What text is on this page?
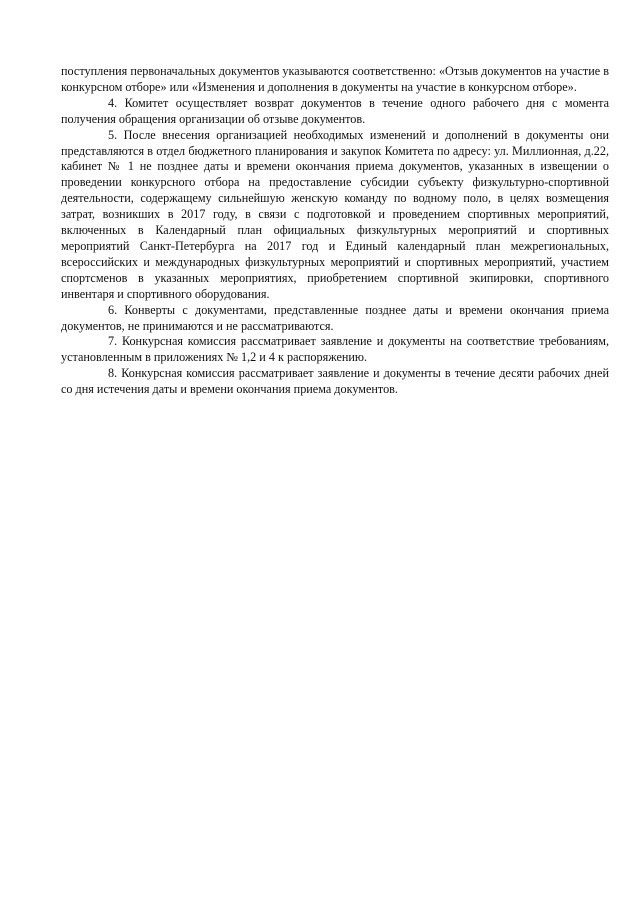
поступления первоначальных документов указываются соответственно: «Отзыв документов на участие в конкурсном отборе» или «Изменения и дополнения в документы на участие в конкурсном отборе».

4. Комитет осуществляет возврат документов в течение одного рабочего дня с момента получения обращения организации об отзыве документов.

5. После внесения организацией необходимых изменений и дополнений в документы они представляются в отдел бюджетного планирования и закупок Комитета по адресу: ул. Миллионная, д.22, кабинет № 1 не позднее даты и времени окончания приема документов, указанных в извещении о проведении конкурсного отбора на предоставление субсидии субъекту физкультурно-спортивной деятельности, содержащему сильнейшую женскую команду по водному поло, в целях возмещения затрат, возникших в 2017 году, в связи с подготовкой и проведением спортивных мероприятий, включенных в Календарный план официальных физкультурных мероприятий и спортивных мероприятий Санкт-Петербурга на 2017 год и Единый календарный план межрегиональных, всероссийских и международных физкультурных мероприятий и спортивных мероприятий, участием спортсменов в указанных мероприятиях, приобретением спортивной экипировки, спортивного инвентаря и спортивного оборудования.

6. Конверты с документами, представленные позднее даты и времени окончания приема документов, не принимаются и не рассматриваются.

7. Конкурсная комиссия рассматривает заявление и документы на соответствие требованиям, установленным в приложениях № 1,2 и 4 к распоряжению.

8. Конкурсная комиссия рассматривает заявление и документы в течение десяти рабочих дней со дня истечения даты и времени окончания приема документов.
